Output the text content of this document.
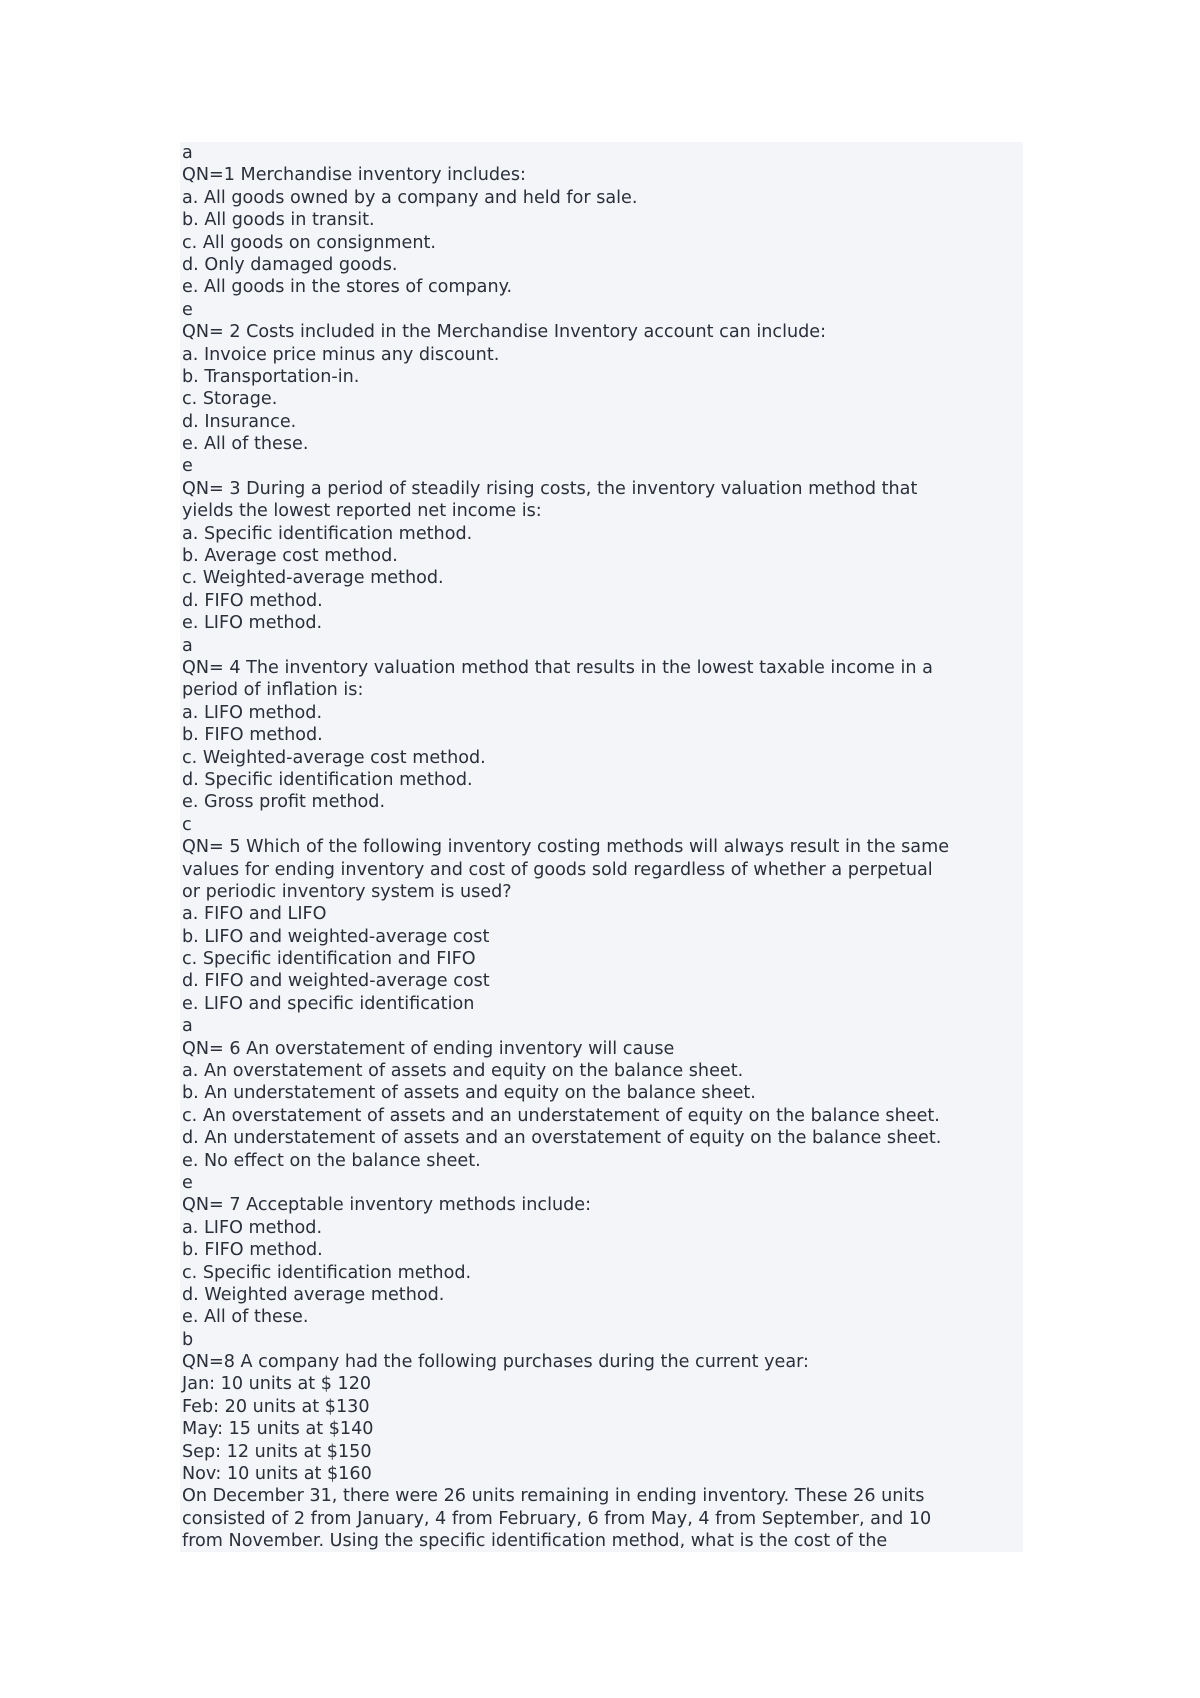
a
QN=1 Merchandise inventory includes:
a. All goods owned by a company and held for sale.
b. All goods in transit.
c. All goods on consignment.
d. Only damaged goods.
e. All goods in the stores of company.
e
QN= 2 Costs included in the Merchandise Inventory account can include:
a. Invoice price minus any discount.
b. Transportation-in.
c. Storage.
d. Insurance.
e. All of these.
e
QN= 3 During a period of steadily rising costs, the inventory valuation method that
yields the lowest reported net income is:
a. Specific identification method.
b. Average cost method.
c. Weighted-average method.
d. FIFO method.
e. LIFO method.
a
QN= 4 The inventory valuation method that results in the lowest taxable income in a
period of inflation is:
a. LIFO method.
b. FIFO method.
c. Weighted-average cost method.
d. Specific identification method.
e. Gross profit method.
c
QN= 5 Which of the following inventory costing methods will always result in the same
values for ending inventory and cost of goods sold regardless of whether a perpetual
or periodic inventory system is used?
a. FIFO and LIFO
b. LIFO and weighted-average cost
c. Specific identification and FIFO
d. FIFO and weighted-average cost
e. LIFO and specific identification
a
QN= 6 An overstatement of ending inventory will cause
a. An overstatement of assets and equity on the balance sheet.
b. An understatement of assets and equity on the balance sheet.
c. An overstatement of assets and an understatement of equity on the balance sheet.
d. An understatement of assets and an overstatement of equity on the balance sheet.
e. No effect on the balance sheet.
e
QN= 7 Acceptable inventory methods include:
a. LIFO method.
b. FIFO method.
c. Specific identification method.
d. Weighted average method.
e. All of these.
b
QN=8 A company had the following purchases during the current year:
Jan: 10 units at $ 120
Feb: 20 units at $130
May: 15 units at $140
Sep: 12 units at $150
Nov: 10 units at $160
On December 31, there were 26 units remaining in ending inventory. These 26 units
consisted of 2 from January, 4 from February, 6 from May, 4 from September, and 10
from November. Using the specific identification method, what is the cost of the
